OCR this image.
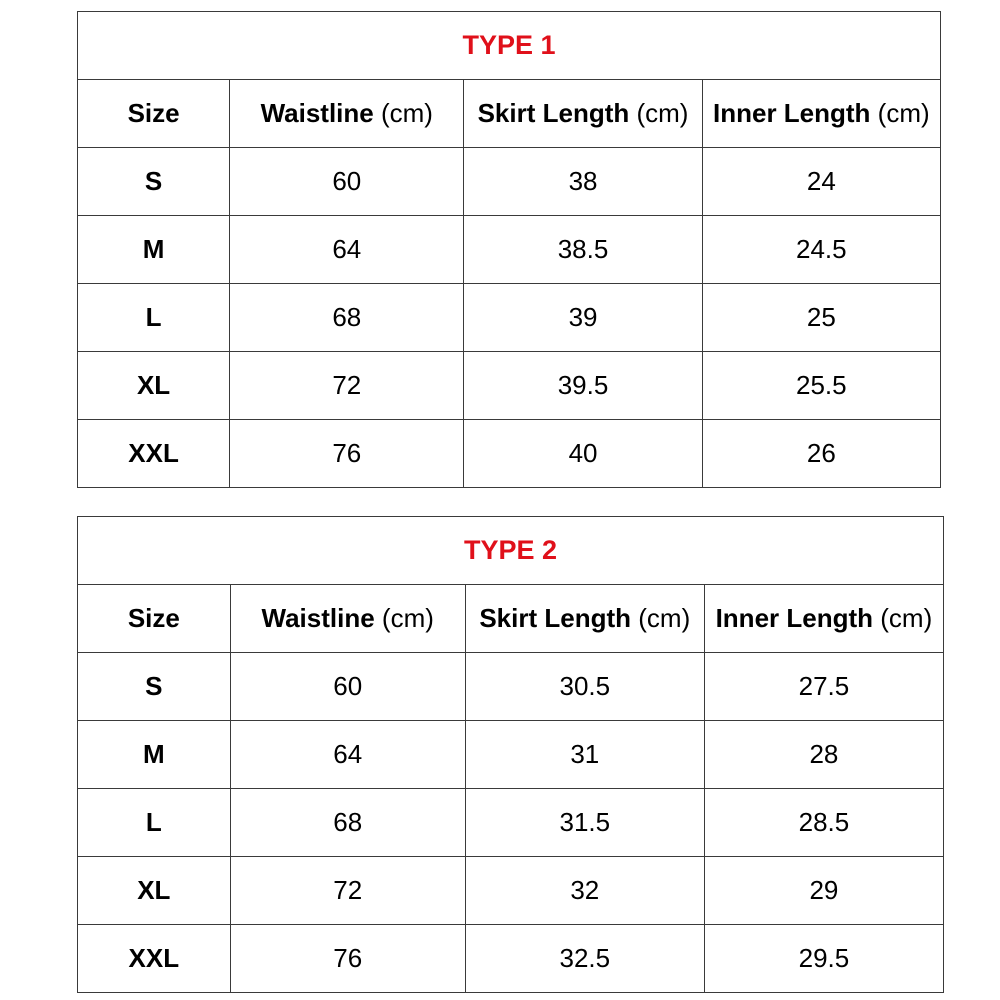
TYPE 1			
Size	Waistline (cm)	Skirt Length (cm)	Inner Length (cm)
S	60	38	24
M	64	38.5	24.5
L	68	39	25
XL	72	39.5	25.5
XXL	76	40	26
TYPE 2			
Size	Waistline (cm)	Skirt Length (cm)	Inner Length (cm)
S	60	30.5	27.5
M	64	31	28
L	68	31.5	28.5
XL	72	32	29
XXL	76	32.5	29.5
